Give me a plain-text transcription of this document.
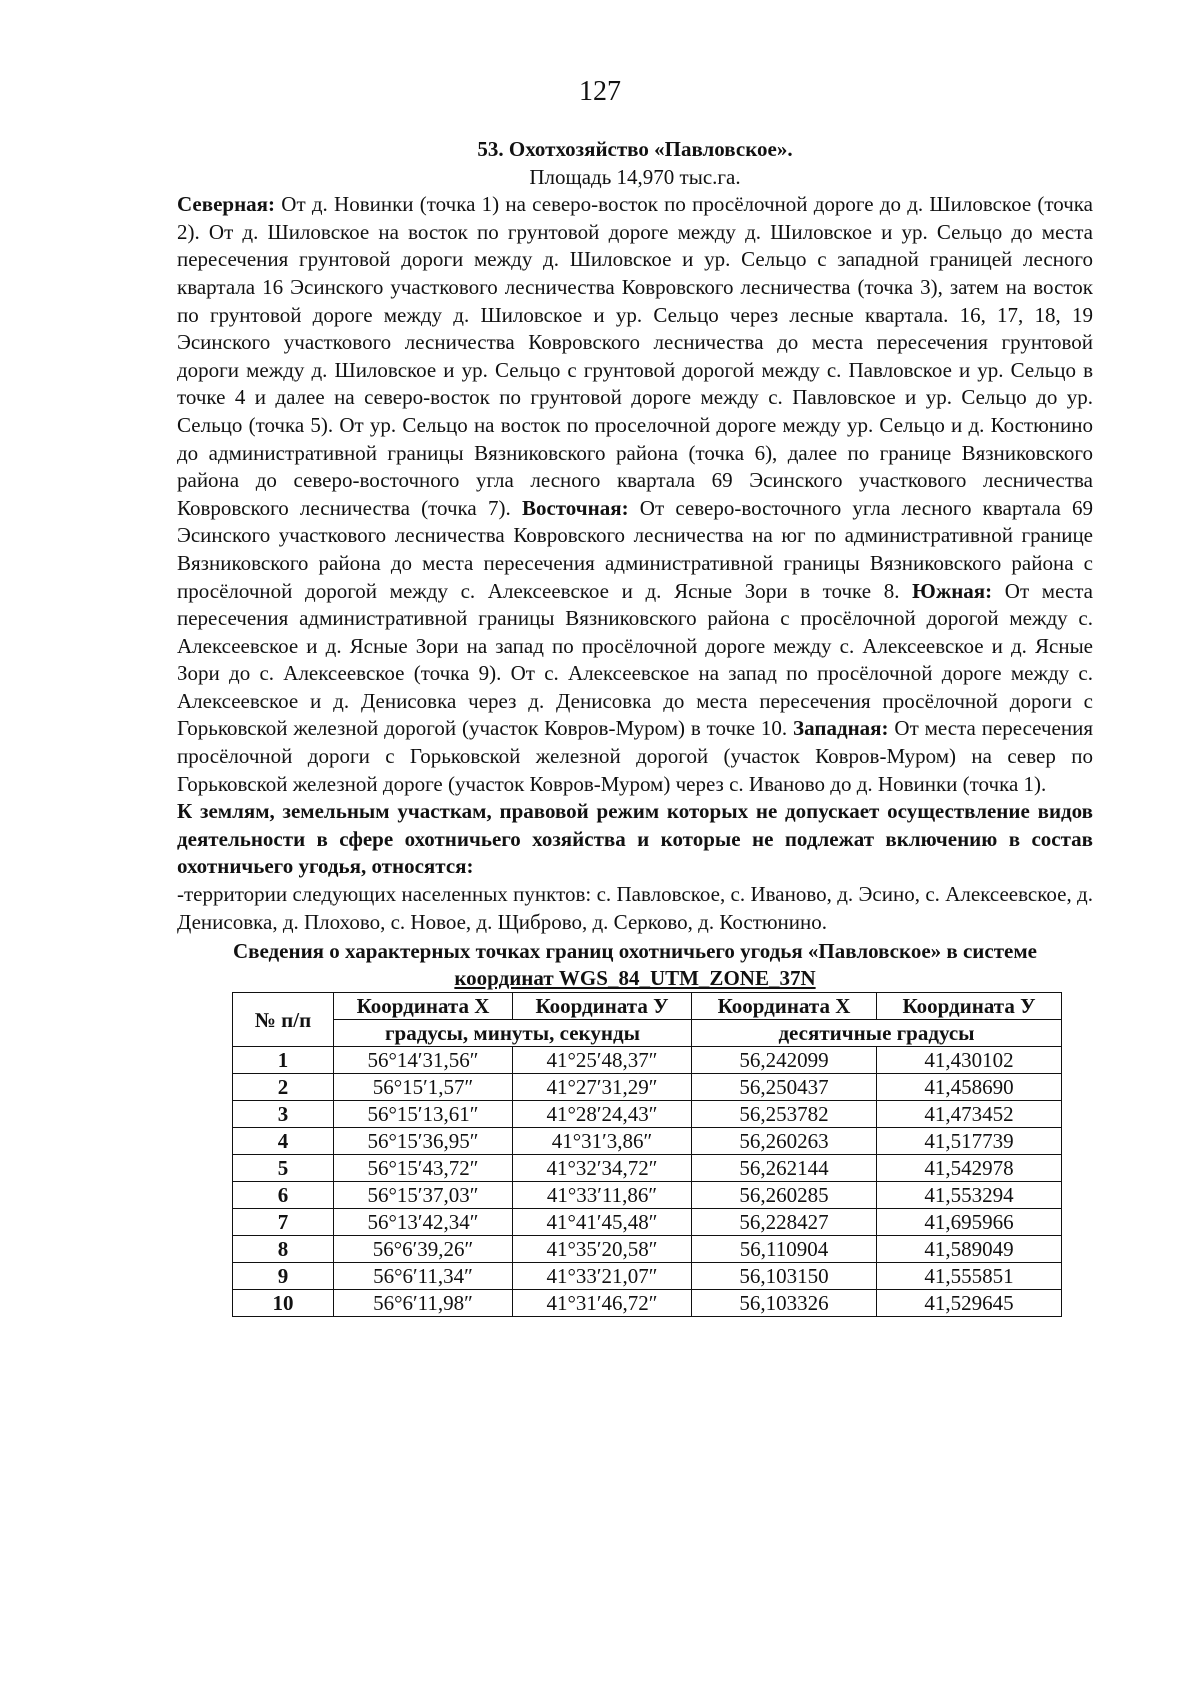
127

53. Охотхозяйство «Павловское».

Площадь 14,970 тыс.га.

Северная: От д. Новинки (точка 1) на северо-восток по просёлочной дороге до д. Шиловское (точка 2). От д. Шиловское на восток по грунтовой дороге между д. Шиловское и ур. Сельцо до места пересечения грунтовой дороги между д. Шиловское и ур. Сельцо с западной границей лесного квартала 16 Эсинского участкового лесничества Ковровского лесничества (точка 3), затем на восток по грунтовой дороге между д. Шиловское и ур. Сельцо через лесные квартала. 16, 17, 18, 19 Эсинского участкового лесничества Ковровского лесничества до места пересечения грунтовой дороги между д. Шиловское и ур. Сельцо с грунтовой дорогой между с. Павловское и ур. Сельцо в точке 4 и далее на северо-восток по грунтовой дороге между с. Павловское и ур. Сельцо до ур. Сельцо (точка 5). От ур. Сельцо на восток по проселочной дороге между ур. Сельцо и д. Костюнино до административной границы Вязниковского района (точка 6), далее по границе Вязниковского района до северо-восточного угла лесного квартала 69 Эсинского участкового лесничества Ковровского лесничества (точка 7). Восточная: От северо-восточного угла лесного квартала 69 Эсинского участкового лесничества Ковровского лесничества на юг по административной границе Вязниковского района до места пересечения административной границы Вязниковского района с просёлочной дорогой между с. Алексеевское и д. Ясные Зори в точке 8. Южная: От места пересечения административной границы Вязниковского района с просёлочной дорогой между с. Алексеевское и д. Ясные Зори на запад по просёлочной дороге между с. Алексеевское и д. Ясные Зори до с. Алексеевское (точка 9). От с. Алексеевское на запад по просёлочной дороге между с. Алексеевское и д. Денисовка через д. Денисовка до места пересечения просёлочной дороги с Горьковской железной дорогой (участок Ковров-Муром) в точке 10. Западная: От места пересечения просёлочной дороги с Горьковской железной дорогой (участок Ковров-Муром) на север по Горьковской железной дороге (участок Ковров-Муром) через с. Иваново до д. Новинки (точка 1).

К землям, земельным участкам, правовой режим которых не допускает осуществление видов деятельности в сфере охотничьего хозяйства и которые не подлежат включению в состав охотничьего угодья, относятся:

-территории следующих населенных пунктов: с. Павловское, с. Иваново, д. Эсино, с. Алексеевское, д. Денисовка, д. Плохово, с. Новое, д. Щиброво, д. Серково, д. Костюнино.

Сведения о характерных точках границ охотничьего угодья «Павловское» в системе
координат WGS_84_UTM_ZONE_37N

№ п/п	Координата X	Координата У	Координата X	Координата У
	градусы, минуты, секунды		десятичные градусы	
1	56°14′31,56″	41°25′48,37″	56,242099	41,430102
2	56°15′1,57″	41°27′31,29″	56,250437	41,458690
3	56°15′13,61″	41°28′24,43″	56,253782	41,473452
4	56°15′36,95″	41°31′3,86″	56,260263	41,517739
5	56°15′43,72″	41°32′34,72″	56,262144	41,542978
6	56°15′37,03″	41°33′11,86″	56,260285	41,553294
7	56°13′42,34″	41°41′45,48″	56,228427	41,695966
8	56°6′39,26″	41°35′20,58″	56,110904	41,589049
9	56°6′11,34″	41°33′21,07″	56,103150	41,555851
10	56°6′11,98″	41°31′46,72″	56,103326	41,529645
